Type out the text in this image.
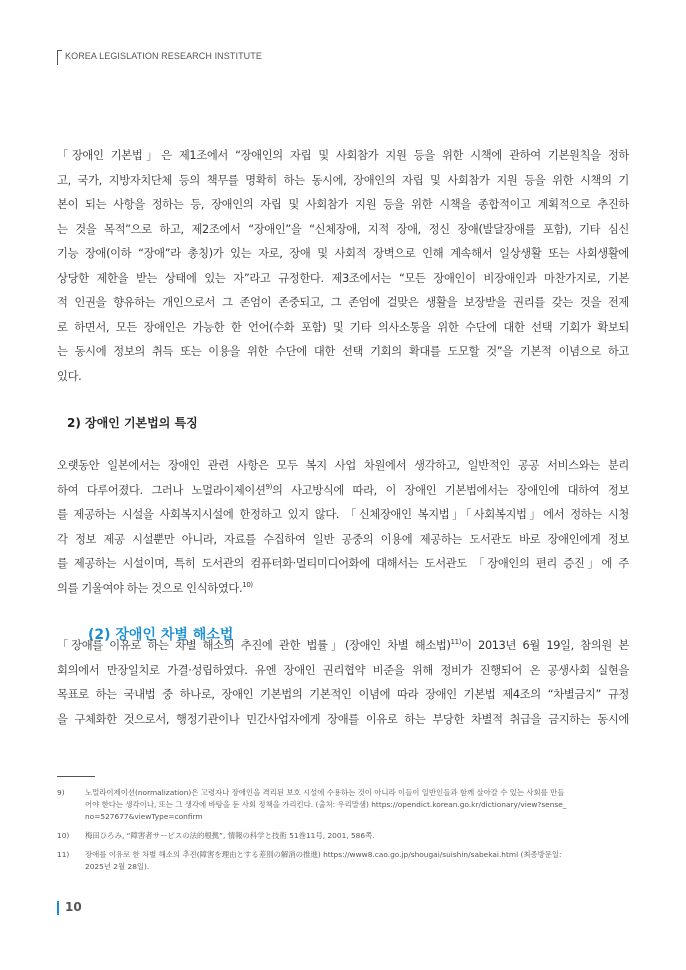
KOREA LEGISLATION RESEARCH INSTITUTE
「장애인 기본법」은 제1조에서 “장애인의 자립 및 사회참가 지원 등을 위한 시책에 관하여 기본원칙을 정하
고, 국가, 지방자치단체 등의 책무를 명확히 하는 동시에, 장애인의 자립 및 사회참가 지원 등을 위한 시책의 기
본이 되는 사항을 정하는 등, 장애인의 자립 및 사회참가 지원 등을 위한 시책을 종합적이고 계획적으로 추진하
는 것을 목적”으로 하고, 제2조에서 “장애인”을 “신체장애, 지적 장애, 정신 장애(발달장애를 포함), 기타 심신
기능 장애(이하 “장애”라 총칭)가 있는 자로, 장애 및 사회적 장벽으로 인해 계속해서 일상생활 또는 사회생활에
상당한 제한을 받는 상태에 있는 자”라고 규정한다. 제3조에서는 “모든 장애인이 비장애인과 마찬가지로, 기본
적 인권을 향유하는 개인으로서 그 존엄이 존중되고, 그 존엄에 걸맞은 생활을 보장받을 권리를 갖는 것을 전제
로 하면서, 모든 장애인은 가능한 한 언어(수화 포함) 및 기타 의사소통을 위한 수단에 대한 선택 기회가 확보되
는 동시에 정보의 취득 또는 이용을 위한 수단에 대한 선택 기회의 확대를 도모할 것”을 기본적 이념으로 하고
있다.
2) 장애인 기본법의 특징
오랫동안 일본에서는 장애인 관련 사항은 모두 복지 사업 차원에서 생각하고, 일반적인 공공 서비스와는 분리
하여 다루어졌다. 그러나 노멀라이제이션$^{9)}$의 사고방식에 따라, 이 장애인 기본법에서는 장애인에 대하여 정보
를 제공하는 시설을 사회복지시설에 한정하고 있지 않다. 「신체장애인 복지법」「사회복지법」에서 정하는 시청
각 정보 제공 시설뿐만 아니라, 자료를 수집하여 일반 공중의 이용에 제공하는 도서관도 바로 장애인에게 정보
를 제공하는 시설이며, 특히 도서관의 컴퓨터화·멀티미디어화에 대해서는 도서관도 「장애인의 편리 증진」에 주
의를 기울여야 하는 것으로 인식하였다.$^{10)}$
(2) 장애인 차별 해소법
「장애를 이유로 하는 차별 해소의 추진에 관한 법률」(장애인 차별 해소법)$^{11)}$이 2013년 6월 19일, 참의원 본
회의에서 만장일치로 가결·성립하였다. 유엔 장애인 권리협약 비준을 위해 정비가 진행되어 온 공생사회 실현을
목표로 하는 국내법 중 하나로, 장애인 기본법의 기본적인 이념에 따라 장애인 기본법 제4조의 “차별금지” 규정
을 구체화한 것으로서, 행정기관이나 민간사업자에게 장애를 이유로 하는 부당한 차별적 취급을 금지하는 동시에
9)	노멀라이제이션(normalization)은 고령자나 장애인을 격리된 보호 시설에 수용하는 것이 아니라 이들이 일반인들과 함께 살아갈 수 있는 사회를 만들
어야 한다는 생각이나, 또는 그 생각에 바탕을 둔 사회 정책을 가리킨다. (출처: 우리말샘) https://opendict.korean.go.kr/dictionary/view?sense_
no=527677&viewType=confirm
10) 梅田ひろみ, “障害者サービスの法的根拠”, 情報の科学と技術 51巻11号, 2001, 586쪽.
11) 장애를 이유로 한 차별 해소의 추진(障害を理由とする差別の解消の推進) https://www8.cao.go.jp/shougai/suishin/sabekai.html (최종방문일:
2025년 2월 28일).
10
